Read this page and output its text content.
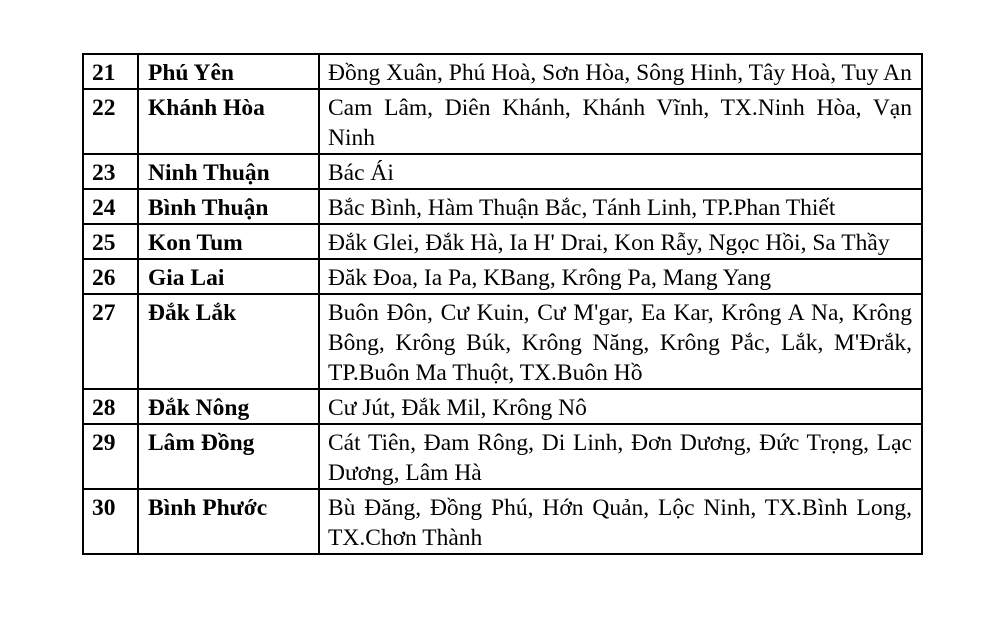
21	Phú Yên	Đồng Xuân, Phú Hoà, Sơn Hòa, Sông Hinh, Tây Hoà, Tuy An
22	Khánh Hòa	Cam Lâm, Diên Khánh, Khánh Vĩnh, TX.Ninh Hòa, Vạn Ninh
23	Ninh Thuận	Bác Ái
24	Bình Thuận	Bắc Bình, Hàm Thuận Bắc, Tánh Linh, TP.Phan Thiết
25	Kon Tum	Đắk Glei, Đắk Hà, Ia H' Drai, Kon Rẫy, Ngọc Hồi, Sa Thầy
26	Gia Lai	Đăk Đoa, Ia Pa, KBang, Krông Pa, Mang Yang
27	Đắk Lắk	Buôn Đôn, Cư Kuin, Cư M'gar, Ea Kar, Krông A Na, Krông Bông, Krông Búk, Krông Năng, Krông Pắc, Lắk, M'Đrắk, TP.Buôn Ma Thuột, TX.Buôn Hồ
28	Đắk Nông	Cư Jút, Đắk Mil, Krông Nô
29	Lâm Đồng	Cát Tiên, Đam Rông, Di Linh, Đơn Dương, Đức Trọng, Lạc Dương, Lâm Hà
30	Bình Phước	Bù Đăng, Đồng Phú, Hớn Quản, Lộc Ninh, TX.Bình Long, TX.Chơn Thành
